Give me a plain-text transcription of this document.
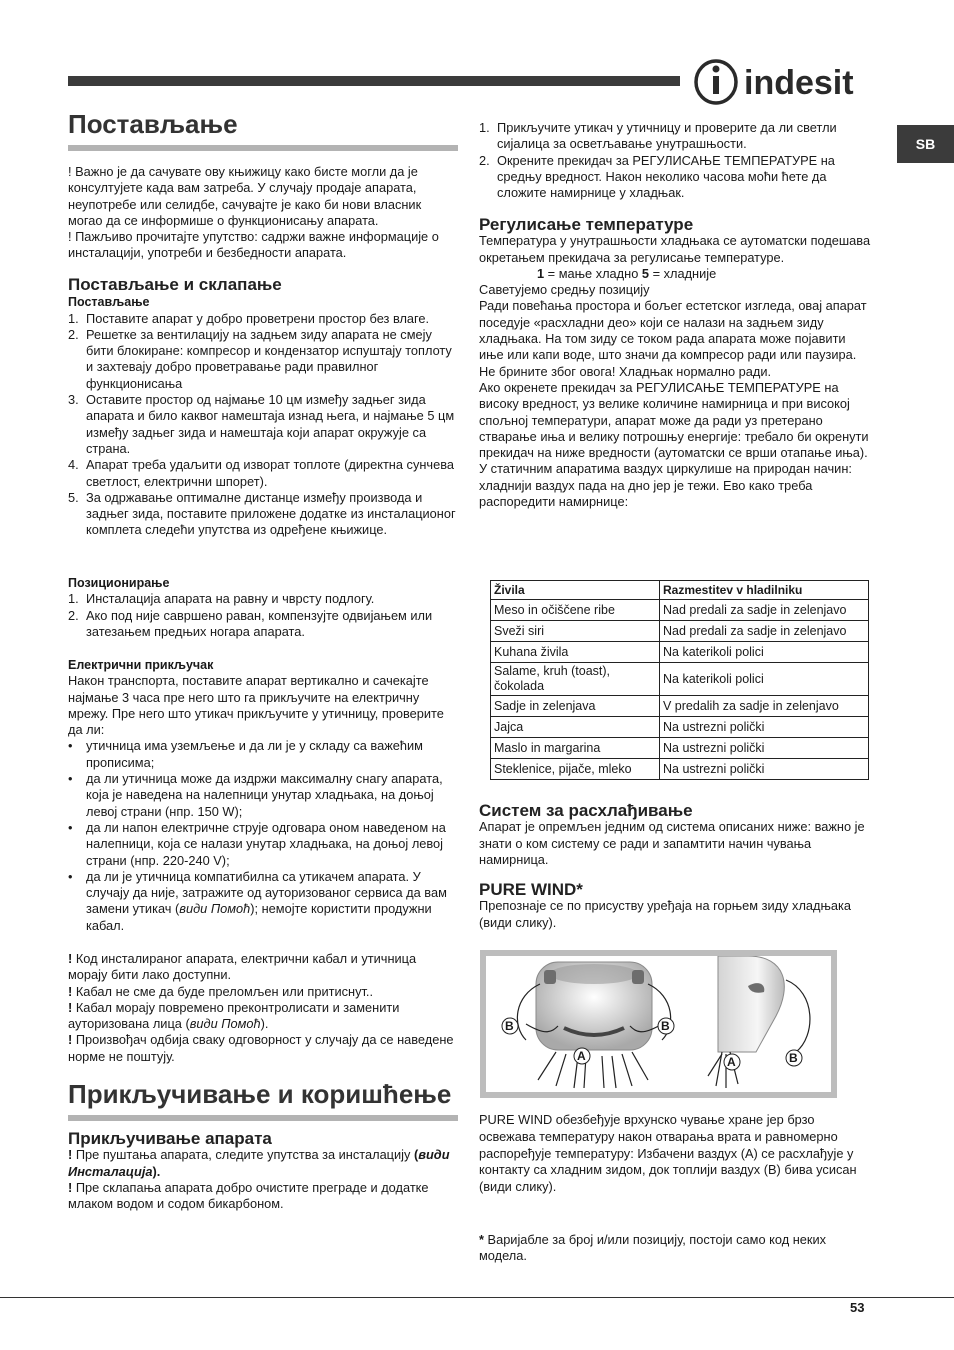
indesit
SB
Постављање

! Важно је да сачувате ову књижицу како бисте могли да је консултујете када вам затреба. У случају продаје апарата, неупотребе или селидбе, сачувајте је како би нови власник могао да се информише о функционисању апарата.

! Пажљиво прочитајте упутство: садржи важне информације о инсталацији, употреби и безбедности апарата.

Постављање и склапање
Постављање
1. Поставите апарат у добро проветрени простор без влаге.
2. Решетке за вентилацију на задњем зиду апарата не смеју бити блокиране: компресор и кондензатор испуштају топлоту и захтевају добро проветравање ради правилног функционисања
3. Оставите простор од најмање 10 цм између задњег зида апарата и било каквог намештаја изнад њега, и најмање 5 цм између задњег зида и намештаја који апарат окружује са страна.
4. Апарат треба удаљити од изворат топлоте (директна сунчева светлост, електрични шпорет).
5. За одржавање оптималне дистанце између производа и задњег зида, поставите приложене додатке из инсталационог комплета следећи упутства из одређене књижице.
Позиционирање
1. Инсталација апарата на равну и чврсту подлогу.
2. Ако под није савршено раван, компензујте одвијањем или затезањем предњих ногара апарата.
Електрични прикључак

Након транспорта, поставите апарат вертикално и сачекајте најмање 3 часа пре него што га прикључите на електричну мрежу. Пре него што утикач прикључите у утичницу, проверите да ли:

• утичница има уземљење и да ли је у складу са важећим прописима;
• да ли утичница може да издржи максималну снагу апарата, која је наведена на налепници унутар хладњака, на доњој левој страни (нпр. 150 W);
• да ли напон електричне струје одговара оном наведеном на налепници, која се налази унутар хладњака, на доњој левој страни (нпр. 220-240 V);
• да ли је утичница компатибилна са утикачем апарата. У случају да није, затражите од ауторизованог сервиса да вам замени утикач (види Помоћ); немојте користити продужни кабал.

! Код инсталираног апарата, електрични кабал и утичница морају бити лако доступни.

! Кабал не сме да буде преломљен или притиснут..

! Кабал морају повремено преконтролисати и заменити ауторизована лица (види Помоћ).

! Произвођач одбија сваку одговорност у случају да се наведене норме не поштују.

Прикључивање и коришћење
Прикључивање апарата

! Пре пуштања апарата, следите упутства за инсталацију (види Инсталација).

! Пре склапања апарата добро очистите преграде и додатке млаком водом и содом бикарбоном.

1. Прикључите утикач у утичницу и проверите да ли светли сијалица за осветљавање унутрашњости.
2. Окрените прекидач за РЕГУЛИСАЊЕ ТЕМПЕРАТУРЕ на средњу вредност. Након неколико часова моћи ћете да сложите намирнице у хладњак.
Регулисање температуре

Температура у унутрашњости хладњака се аутоматски подешава окретањем прекидача за регулисање температуре.

1 = мање хладно 5 = хладније

Саветујемо средњу позицију

Ради повећања простора и бољег естетског изгледа, овај апарат поседује «расхладни део» који се налази на задњем зиду хладњака. На том зиду се током рада апарата може појавити иње или капи воде, што значи да компресор ради или паузира. Не брините због овога! Хладњак нормално ради.

Ако окренете прекидач за РЕГУЛИСАЊЕ ТЕМПЕРАТУРЕ на високу вредност, уз велике количине намирница и при високој спољној температури, апарат може да ради уз претерано стварање иња и велику потрошњу енергије: требало би окренути прекидач на ниже вредности (аутоматски се врши отапање иња).

У статичним апаратима ваздух циркулише на природан начин: хладнији ваздух пада на дно јер је тежи. Ево како треба распоредити намирнице:

Živila	Razmestitev v hladilniku
Meso in očiščene ribe	Nad predali za sadje in zelenjavo
Sveži siri	Nad predali za sadje in zelenjavo
Kuhana živila	Na katerikoli polici
Salame, kruh (toast), čokolada	Na katerikoli polici
Sadje in zelenjava	V predalih za sadje in zelenjavo
Jajca	Na ustrezni polički
Maslo in margarina	Na ustrezni polički
Steklenice, pijače, mleko	Na ustrezni polički
Систем за расхлађивање

Апарат је опремљен једним од система описаних ниже: важно је знати о ком систему се ради и запамтити начин чувања намирница.

PURE WIND*

Препознаје се по присуству уређаја на горњем зиду хладњака (види слику).

PURE WIND обезбеђује врхунско чување хране јер брзо освежава температуру након отварања врата и равномерно распоређује температуру: Избачени ваздух (A) се расхлађује у контакту са хладним зидом, док топлији ваздух (B) бива усисан (види слику).

* Варијабле за број и/или позицију, постоји само код неких модела.

B	B
A	A	B
53
